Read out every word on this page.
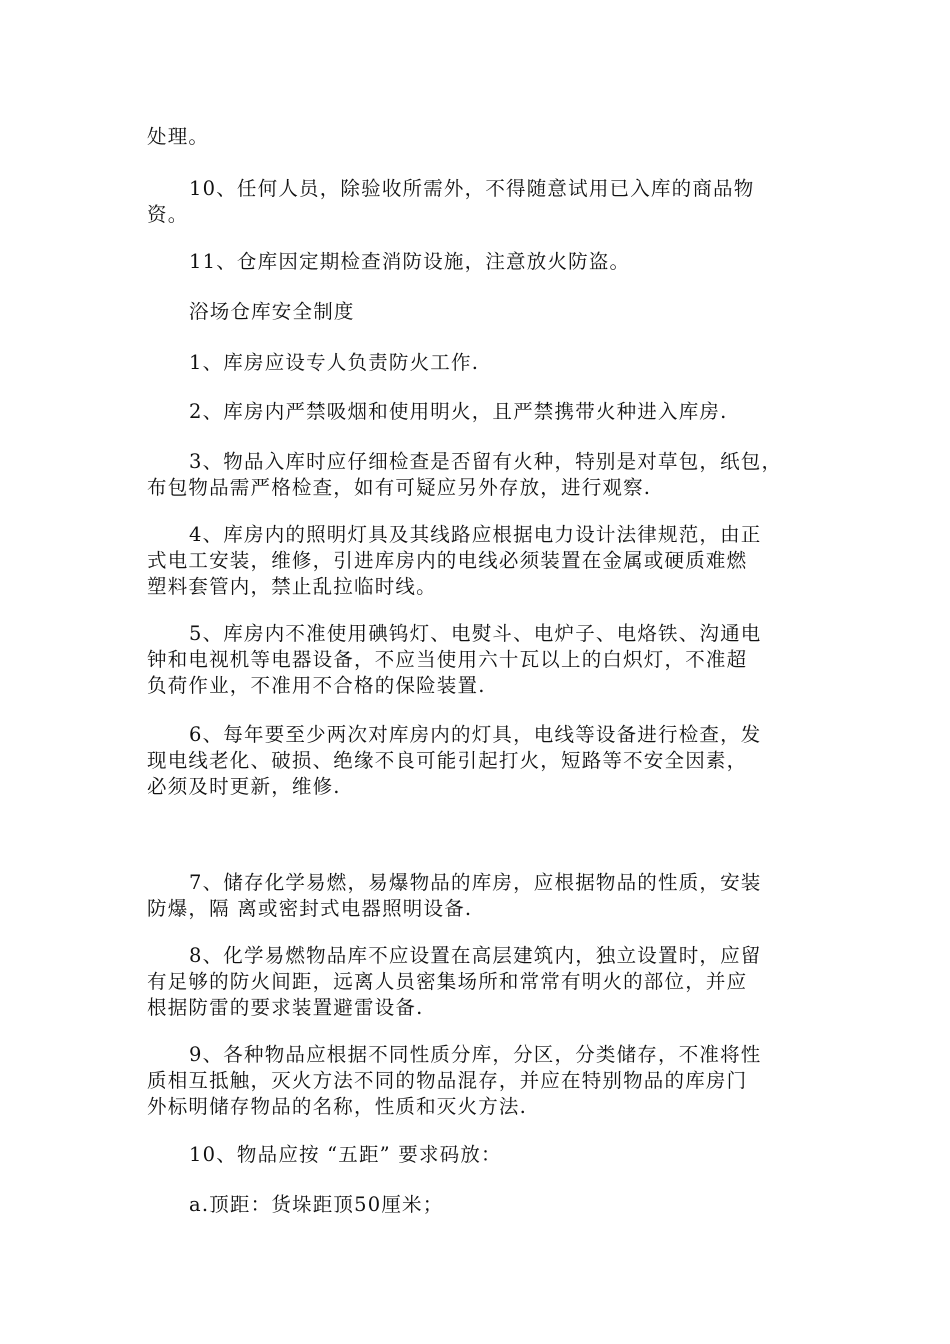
处理。

10、任何人员，除验收所需外，不得随意试用已入库的商品物
资。

11、仓库因定期检查消防设施，注意放火防盗。

浴场仓库安全制度

1、库房应设专人负责防火工作.

2、库房内严禁吸烟和使用明火，且严禁携带火种进入库房.

3、物品入库时应仔细检查是否留有火种，特别是对草包，纸包，
布包物品需严格检查，如有可疑应另外存放，进行观察.

4、库房内的照明灯具及其线路应根据电力设计法律规范，由正
式电工安装，维修，引进库房内的电线必须装置在金属或硬质难燃
塑料套管内，禁止乱拉临时线。

5、库房内不准使用碘钨灯、电熨斗、电炉子、电烙铁、沟通电
钟和电视机等电器设备，不应当使用六十瓦以上的白炽灯，不准超
负荷作业，不准用不合格的保险装置.

6、每年要至少两次对库房内的灯具，电线等设备进行检查，发
现电线老化、破损、绝缘不良可能引起打火，短路等不安全因素，
必须及时更新，维修.

7、储存化学易燃，易爆物品的库房，应根据物品的性质，安装
防爆，隔 离或密封式电器照明设备.

8、化学易燃物品库不应设置在高层建筑内，独立设置时，应留
有足够的防火间距，远离人员密集场所和常常有明火的部位，并应
根据防雷的要求装置避雷设备.

9、各种物品应根据不同性质分库，分区，分类储存，不准将性
质相互抵触，灭火方法不同的物品混存，并应在特别物品的库房门
外标明储存物品的名称，性质和灭火方法.

10、物品应按 “五距” 要求码放：

a.顶距：货垛距顶50厘米；
